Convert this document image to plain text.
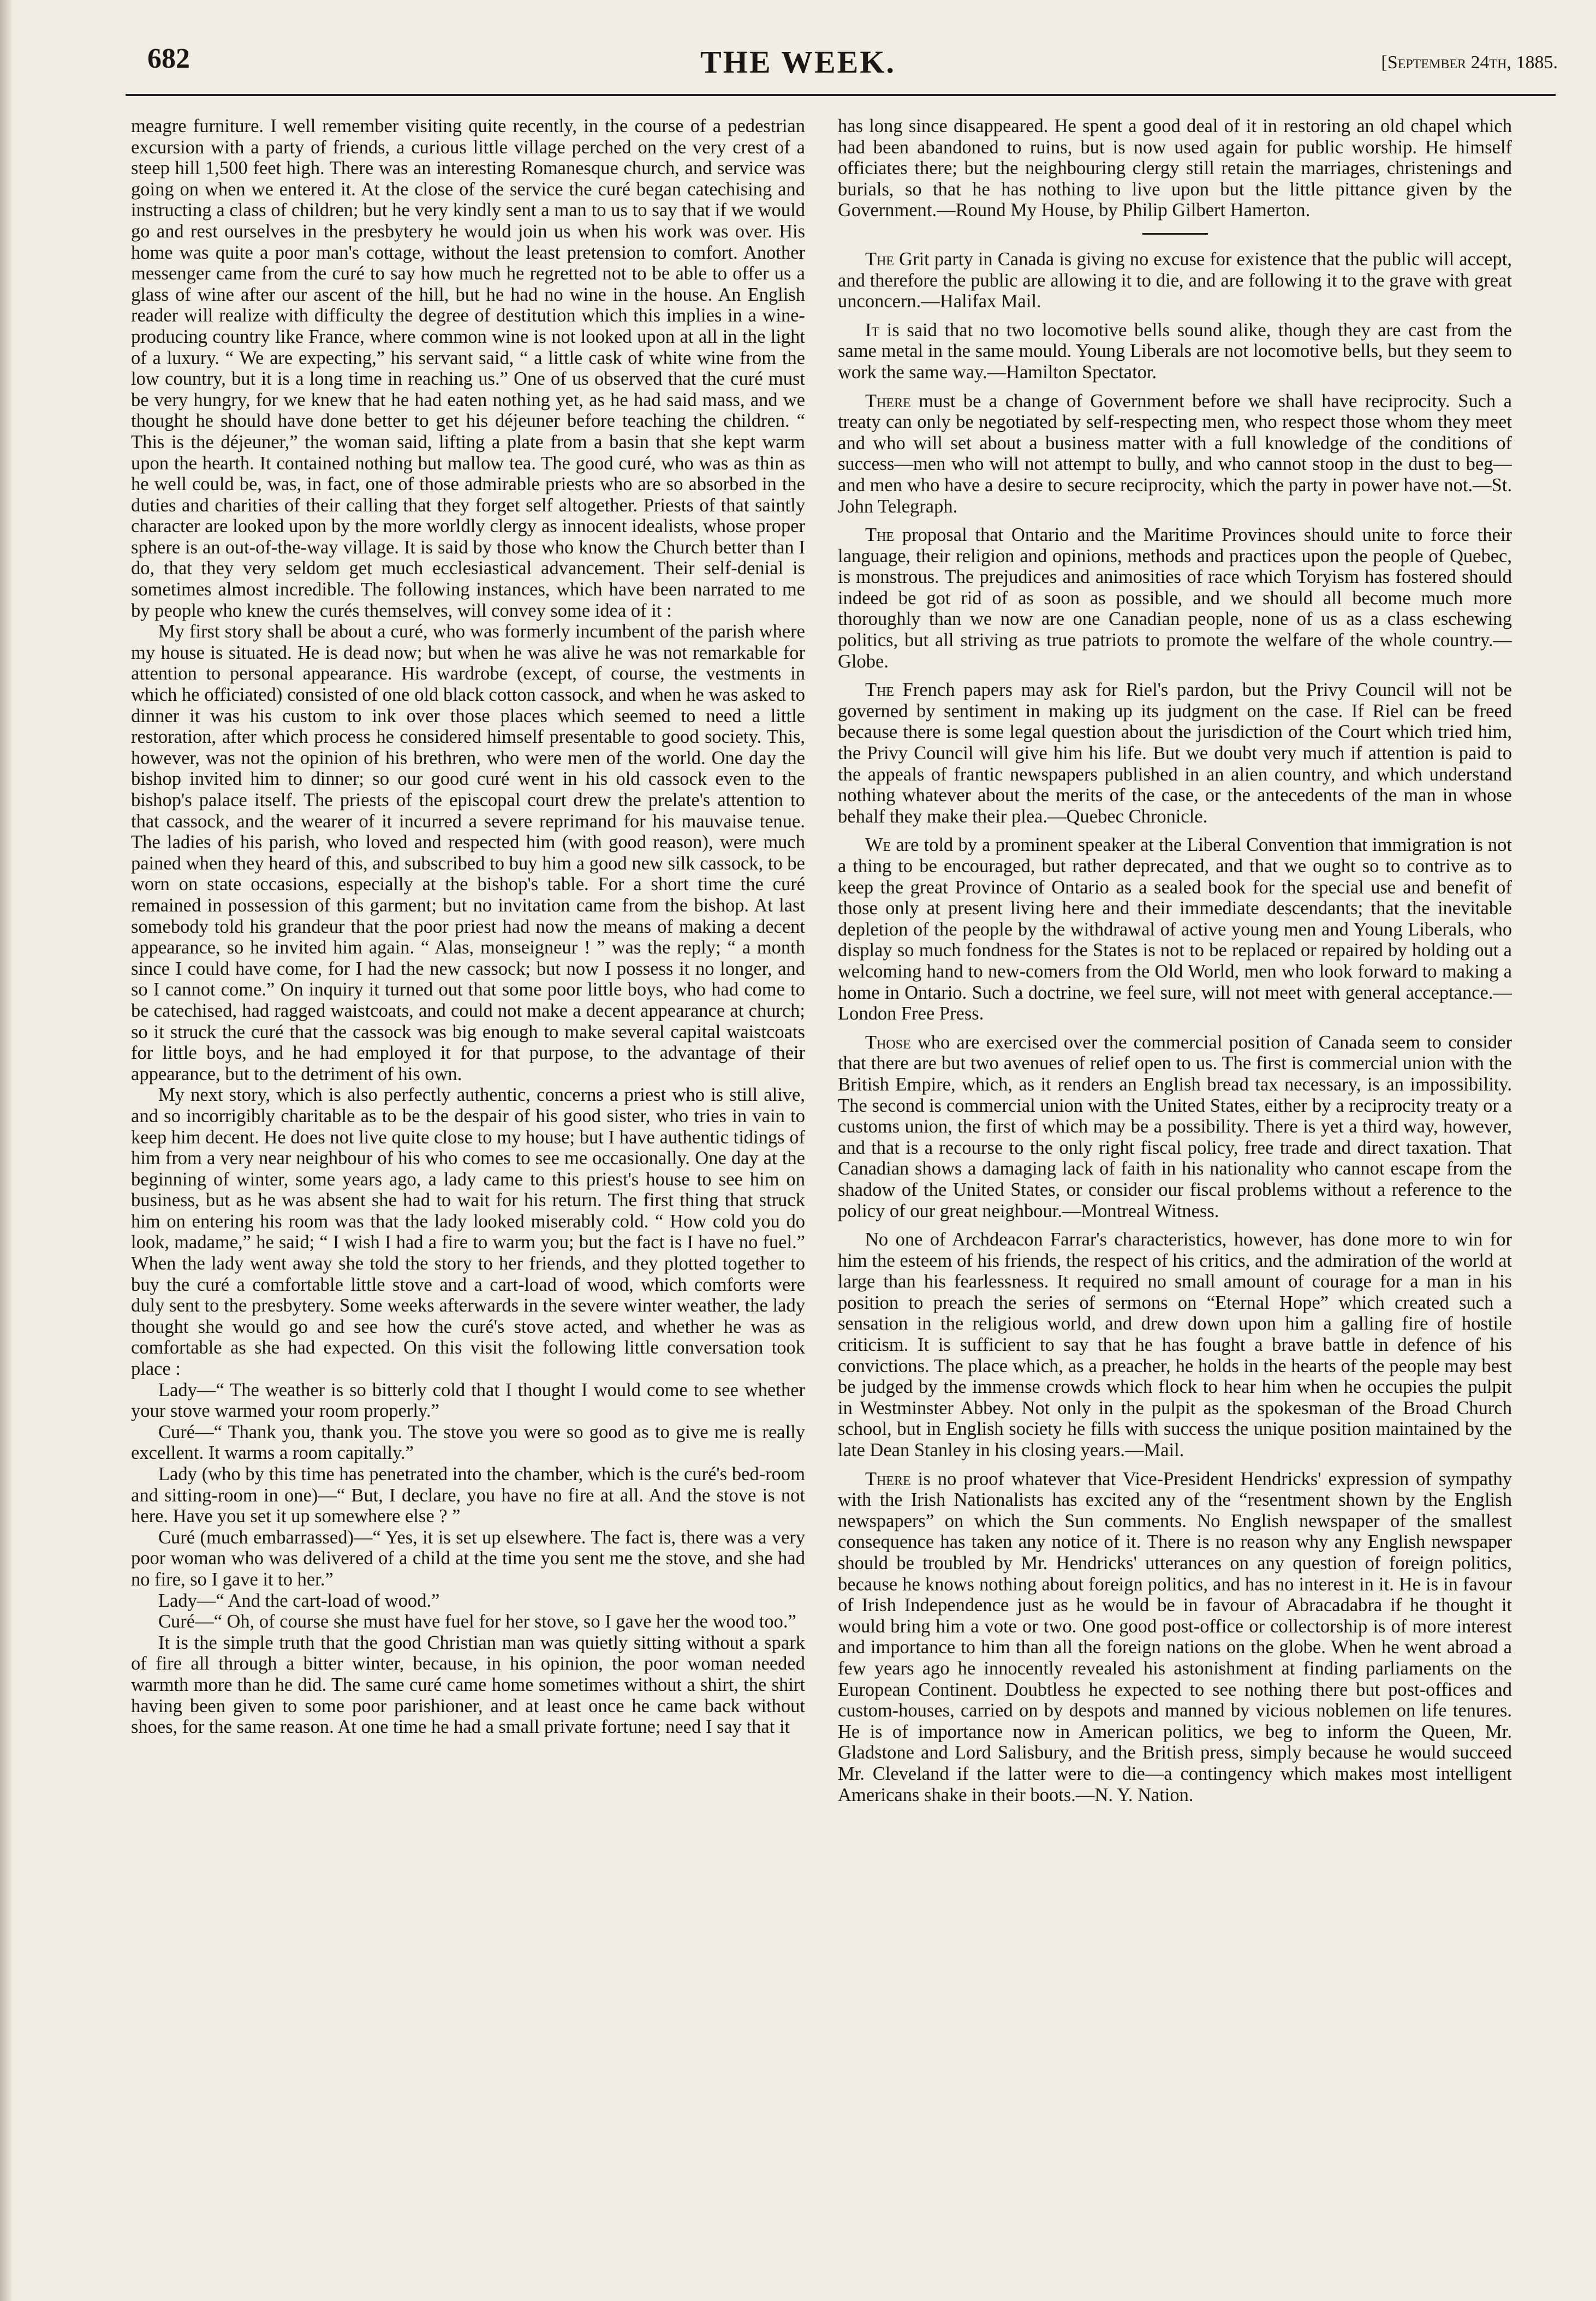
682	THE WEEK.	[September 24th, 1885.

meagre furniture. I well remember visiting quite recently, in the course of a pedestrian excursion with a party of friends, a curious little village perched on the very crest of a steep hill 1,500 feet high. There was an interesting Romanesque church, and service was going on when we entered it. At the close of the service the curé began catechising and instructing a class of children; but he very kindly sent a man to us to say that if we would go and rest ourselves in the presbytery he would join us when his work was over. His home was quite a poor man's cottage, without the least pretension to comfort. Another messenger came from the curé to say how much he regretted not to be able to offer us a glass of wine after our ascent of the hill, but he had no wine in the house. An English reader will realize with difficulty the degree of destitution which this implies in a wine-producing country like France, where common wine is not looked upon at all in the light of a luxury. “ We are expecting,” his servant said, “ a little cask of white wine from the low country, but it is a long time in reaching us.” One of us observed that the curé must be very hungry, for we knew that he had eaten nothing yet, as he had said mass, and we thought he should have done better to get his déjeuner before teaching the children. “ This is the déjeuner,” the woman said, lifting a plate from a basin that she kept warm upon the hearth. It contained nothing but mallow tea. The good curé, who was as thin as he well could be, was, in fact, one of those admirable priests who are so absorbed in the duties and charities of their calling that they forget self altogether. Priests of that saintly character are looked upon by the more worldly clergy as innocent idealists, whose proper sphere is an out-of-the-way village. It is said by those who know the Church better than I do, that they very seldom get much ecclesiastical advancement. Their self-denial is sometimes almost incredible. The following instances, which have been narrated to me by people who knew the curés themselves, will convey some idea of it :

My first story shall be about a curé, who was formerly incumbent of the parish where my house is situated. He is dead now; but when he was alive he was not remarkable for attention to personal appearance. His wardrobe (except, of course, the vestments in which he officiated) consisted of one old black cotton cassock, and when he was asked to dinner it was his custom to ink over those places which seemed to need a little restoration, after which process he considered himself presentable to good society. This, however, was not the opinion of his brethren, who were men of the world. One day the bishop invited him to dinner; so our good curé went in his old cassock even to the bishop's palace itself. The priests of the episcopal court drew the prelate's attention to that cassock, and the wearer of it incurred a severe reprimand for his mauvaise tenue. The ladies of his parish, who loved and respected him (with good reason), were much pained when they heard of this, and subscribed to buy him a good new silk cassock, to be worn on state occasions, especially at the bishop's table. For a short time the curé remained in possession of this garment; but no invitation came from the bishop. At last somebody told his grandeur that the poor priest had now the means of making a decent appearance, so he invited him again. “ Alas, monseigneur ! ” was the reply; “ a month since I could have come, for I had the new cassock; but now I possess it no longer, and so I cannot come.” On inquiry it turned out that some poor little boys, who had come to be catechised, had ragged waistcoats, and could not make a decent appearance at church; so it struck the curé that the cassock was big enough to make several capital waistcoats for little boys, and he had employed it for that purpose, to the advantage of their appearance, but to the detriment of his own.

My next story, which is also perfectly authentic, concerns a priest who is still alive, and so incorrigibly charitable as to be the despair of his good sister, who tries in vain to keep him decent. He does not live quite close to my house; but I have authentic tidings of him from a very near neighbour of his who comes to see me occasionally. One day at the beginning of winter, some years ago, a lady came to this priest's house to see him on business, but as he was absent she had to wait for his return. The first thing that struck him on entering his room was that the lady looked miserably cold. “ How cold you do look, madame,” he said; “ I wish I had a fire to warm you; but the fact is I have no fuel.” When the lady went away she told the story to her friends, and they plotted together to buy the curé a comfortable little stove and a cart-load of wood, which comforts were duly sent to the presbytery. Some weeks afterwards in the severe winter weather, the lady thought she would go and see how the curé's stove acted, and whether he was as comfortable as she had expected. On this visit the following little conversation took place :

Lady—“ The weather is so bitterly cold that I thought I would come to see whether your stove warmed your room properly.”

Curé—“ Thank you, thank you. The stove you were so good as to give me is really excellent. It warms a room capitally.”

Lady (who by this time has penetrated into the chamber, which is the curé's bed-room and sitting-room in one)—“ But, I declare, you have no fire at all. And the stove is not here. Have you set it up somewhere else ? ”

Curé (much embarrassed)—“ Yes, it is set up elsewhere. The fact is, there was a very poor woman who was delivered of a child at the time you sent me the stove, and she had no fire, so I gave it to her.”

Lady—“ And the cart-load of wood.”

Curé—“ Oh, of course she must have fuel for her stove, so I gave her the wood too.”

It is the simple truth that the good Christian man was quietly sitting without a spark of fire all through a bitter winter, because, in his opinion, the poor woman needed warmth more than he did. The same curé came home sometimes without a shirt, the shirt having been given to some poor parishioner, and at least once he came back without shoes, for the same reason. At one time he had a small private fortune; need I say that it

has long since disappeared. He spent a good deal of it in restoring an old chapel which had been abandoned to ruins, but is now used again for public worship. He himself officiates there; but the neighbouring clergy still retain the marriages, christenings and burials, so that he has nothing to live upon but the little pittance given by the Government.—Round My House, by Philip Gilbert Hamerton.

The Grit party in Canada is giving no excuse for existence that the public will accept, and therefore the public are allowing it to die, and are following it to the grave with great unconcern.—Halifax Mail.

It is said that no two locomotive bells sound alike, though they are cast from the same metal in the same mould. Young Liberals are not locomotive bells, but they seem to work the same way.—Hamilton Spectator.

There must be a change of Government before we shall have reciprocity. Such a treaty can only be negotiated by self-respecting men, who respect those whom they meet and who will set about a business matter with a full knowledge of the conditions of success—men who will not attempt to bully, and who cannot stoop in the dust to beg—and men who have a desire to secure reciprocity, which the party in power have not.—St. John Telegraph.

The proposal that Ontario and the Maritime Provinces should unite to force their language, their religion and opinions, methods and practices upon the people of Quebec, is monstrous. The prejudices and animosities of race which Toryism has fostered should indeed be got rid of as soon as possible, and we should all become much more thoroughly than we now are one Canadian people, none of us as a class eschewing politics, but all striving as true patriots to promote the welfare of the whole country.—Globe.

The French papers may ask for Riel's pardon, but the Privy Council will not be governed by sentiment in making up its judgment on the case. If Riel can be freed because there is some legal question about the jurisdiction of the Court which tried him, the Privy Council will give him his life. But we doubt very much if attention is paid to the appeals of frantic newspapers published in an alien country, and which understand nothing whatever about the merits of the case, or the antecedents of the man in whose behalf they make their plea.—Quebec Chronicle.

We are told by a prominent speaker at the Liberal Convention that immigration is not a thing to be encouraged, but rather deprecated, and that we ought so to contrive as to keep the great Province of Ontario as a sealed book for the special use and benefit of those only at present living here and their immediate descendants; that the inevitable depletion of the people by the withdrawal of active young men and Young Liberals, who display so much fondness for the States is not to be replaced or repaired by holding out a welcoming hand to new-comers from the Old World, men who look forward to making a home in Ontario. Such a doctrine, we feel sure, will not meet with general acceptance.—London Free Press.

Those who are exercised over the commercial position of Canada seem to consider that there are but two avenues of relief open to us. The first is commercial union with the British Empire, which, as it renders an English bread tax necessary, is an impossibility. The second is commercial union with the United States, either by a reciprocity treaty or a customs union, the first of which may be a possibility. There is yet a third way, however, and that is a recourse to the only right fiscal policy, free trade and direct taxation. That Canadian shows a damaging lack of faith in his nationality who cannot escape from the shadow of the United States, or consider our fiscal problems without a reference to the policy of our great neighbour.—Montreal Witness.

No one of Archdeacon Farrar's characteristics, however, has done more to win for him the esteem of his friends, the respect of his critics, and the admiration of the world at large than his fearlessness. It required no small amount of courage for a man in his position to preach the series of sermons on “Eternal Hope” which created such a sensation in the religious world, and drew down upon him a galling fire of hostile criticism. It is sufficient to say that he has fought a brave battle in defence of his convictions. The place which, as a preacher, he holds in the hearts of the people may best be judged by the immense crowds which flock to hear him when he occupies the pulpit in Westminster Abbey. Not only in the pulpit as the spokesman of the Broad Church school, but in English society he fills with success the unique position maintained by the late Dean Stanley in his closing years.—Mail.

There is no proof whatever that Vice-President Hendricks' expression of sympathy with the Irish Nationalists has excited any of the “resentment shown by the English newspapers” on which the Sun comments. No English newspaper of the smallest consequence has taken any notice of it. There is no reason why any English newspaper should be troubled by Mr. Hendricks' utterances on any question of foreign politics, because he knows nothing about foreign politics, and has no interest in it. He is in favour of Irish Independence just as he would be in favour of Abracadabra if he thought it would bring him a vote or two. One good post-office or collectorship is of more interest and importance to him than all the foreign nations on the globe. When he went abroad a few years ago he innocently revealed his astonishment at finding parliaments on the European Continent. Doubtless he expected to see nothing there but post-offices and custom-houses, carried on by despots and manned by vicious noblemen on life tenures. He is of importance now in American politics, we beg to inform the Queen, Mr. Gladstone and Lord Salisbury, and the British press, simply because he would succeed Mr. Cleveland if the latter were to die—a contingency which makes most intelligent Americans shake in their boots.—N. Y. Nation.
